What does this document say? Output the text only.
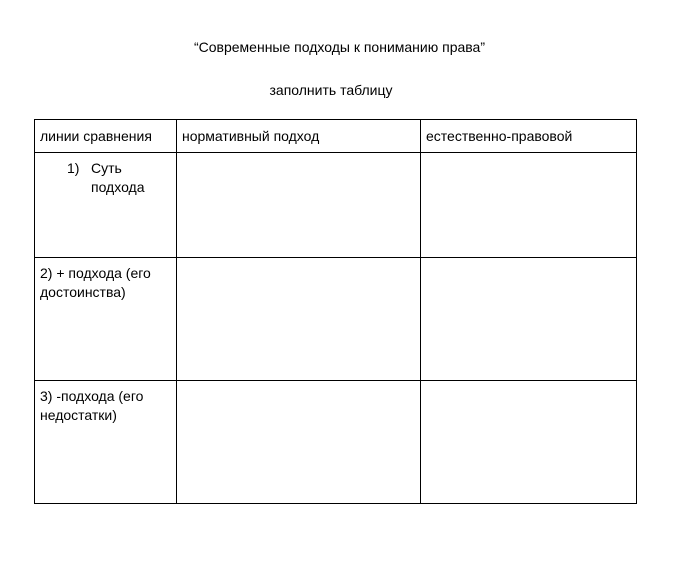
“Современные подходы к пониманию права”
заполнить таблицу
линии сравнения	нормативный подход	естественно-правовой

1) Суть подхода		

2) + подхода (его достоинства)		
3) -подхода (его недостатки)		
